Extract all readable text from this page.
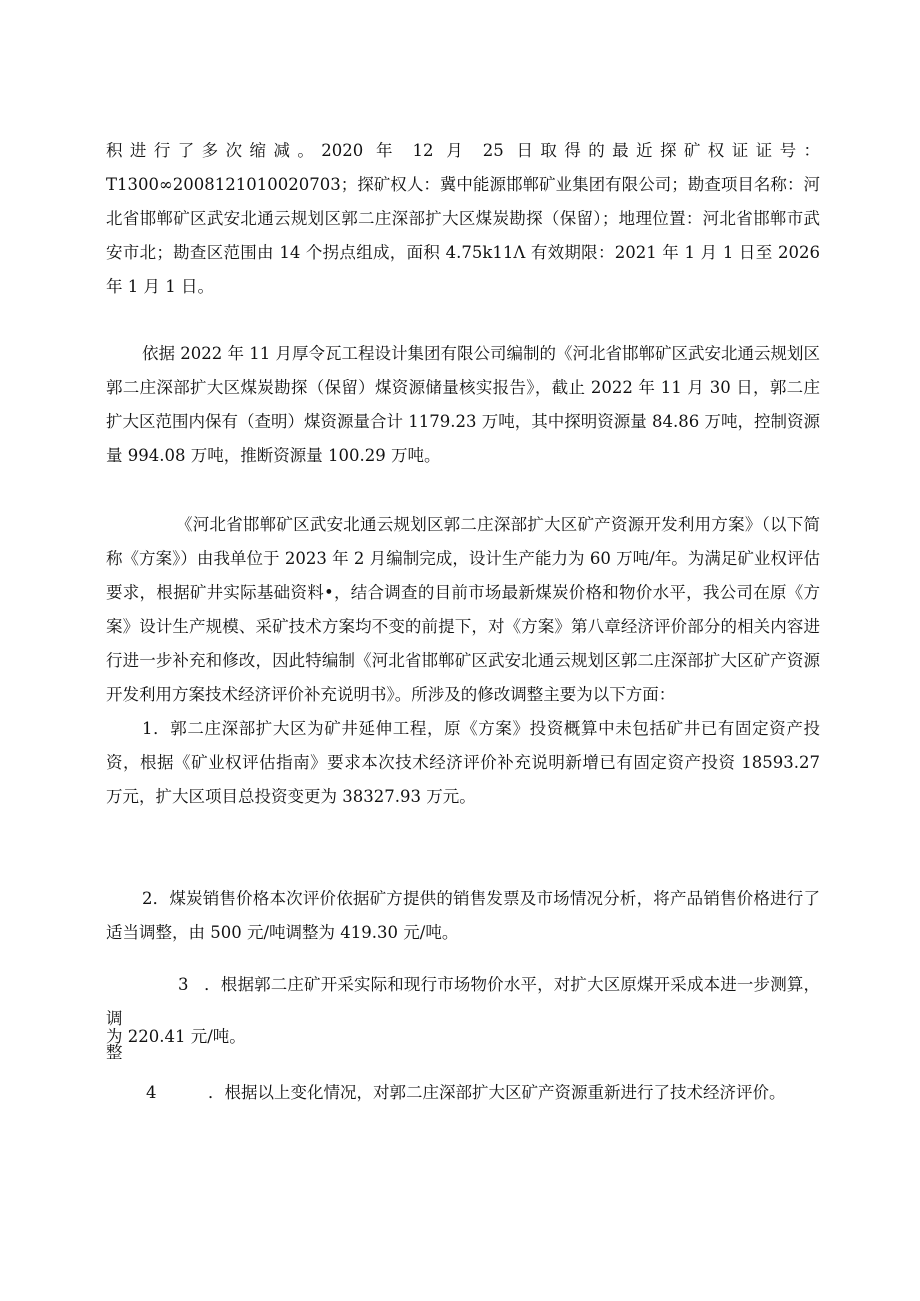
积进行了多次缩减。2020 年 12 月 25 日取得的最近探矿权证证号：
T1300∞2008121010020703；探矿权人：冀中能源邯郸矿业集团有限公司；勘查项目名称：河北省邯郸矿区武安北通云规划区郭二庄深部扩大区煤炭勘探（保留）；地理位置：河北省邯郸市武安市北；勘查区范围由 14 个拐点组成，面积 4.75k11Λ 有效期限：2021 年 1 月 1 日至 2026 年 1 月 1 日。

依据 2022 年 11 月厚令瓦工程设计集团有限公司编制的《河北省邯郸矿区武安北通云规划区郭二庄深部扩大区煤炭勘探（保留）煤资源储量核实报告》，截止 2022 年 11 月 30 日，郭二庄扩大区范围内保有（查明）煤资源量合计 1179.23 万吨，其中探明资源量 84.86 万吨，控制资源量 994.08 万吨，推断资源量 100.29 万吨。

《河北省邯郸矿区武安北通云规划区郭二庄深部扩大区矿产资源开发利用方案》（以下简称《方案》）由我单位于 2023 年 2 月编制完成，设计生产能力为 60 万吨/年。为满足矿业权评估要求，根据矿井实际基础资料•，结合调查的目前市场最新煤炭价格和物价水平，我公司在原《方案》设计生产规模、采矿技术方案均不变的前提下，对《方案》第八章经济评价部分的相关内容进行进一步补充和修改，因此特编制《河北省邯郸矿区武安北通云规划区郭二庄深部扩大区矿产资源开发利用方案技术经济评价补充说明书》。所涉及的修改调整主要为以下方面：

1．郭二庄深部扩大区为矿井延伸工程，原《方案》投资概算中未包括矿井已有固定资产投资，根据《矿业权评估指南》要求本次技术经济评价补充说明新增已有固定资产投资 18593.27 万元，扩大区项目总投资变更为 38327.93 万元。

2．煤炭销售价格本次评价依据矿方提供的销售发票及市场情况分析，将产品销售价格进行了适当调整，由 500 元/吨调整为 419.30 元/吨。

3 ．根据郭二庄矿开采实际和现行市场物价水平，对扩大区原煤开采成本进一步测算，调
整

为 220.41 元/吨。

4	．根据以上变化情况，对郭二庄深部扩大区矿产资源重新进行了技术经济评价。
